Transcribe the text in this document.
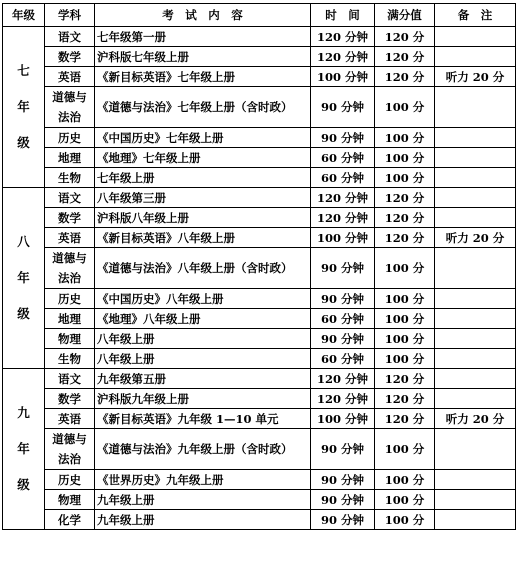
年级	学科	考　试　内　容	时　间	满分值	备　注

七
年
级	语文	七年级第一册	120 分钟	120 分	
	数学	沪科版七年级上册	120 分钟	120 分	
	英语	《新目标英语》七年级上册	100 分钟	120 分	听力 20 分
	道德与法治	《道德与法治》七年级上册（含时政）	90 分钟	100 分	
	历史	《中国历史》七年级上册	90 分钟	100 分	
	地理	《地理》七年级上册	60 分钟	100 分	
	生物	七年级上册	60 分钟	100 分	

八
年
级	语文	八年级第三册	120 分钟	120 分	
	数学	沪科版八年级上册	120 分钟	120 分	
	英语	《新目标英语》八年级上册	100 分钟	120 分	听力 20 分
	道德与法治	《道德与法治》八年级上册（含时政）	90 分钟	100 分	
	历史	《中国历史》八年级上册	90 分钟	100 分	
	地理	《地理》八年级上册	60 分钟	100 分	
	物理	八年级上册	90 分钟	100 分	
	生物	八年级上册	60 分钟	100 分	

九
年
级	语文	九年级第五册	120 分钟	120 分	
	数学	沪科版九年级上册	120 分钟	120 分	
	英语	《新目标英语》九年级 1—10 单元	100 分钟	120 分	听力 20 分
	道德与法治	《道德与法治》九年级上册（含时政）	90 分钟	100 分	
	历史	《世界历史》九年级上册	90 分钟	100 分	
	物理	九年级上册	90 分钟	100 分	
	化学	九年级上册	90 分钟	100 分	
